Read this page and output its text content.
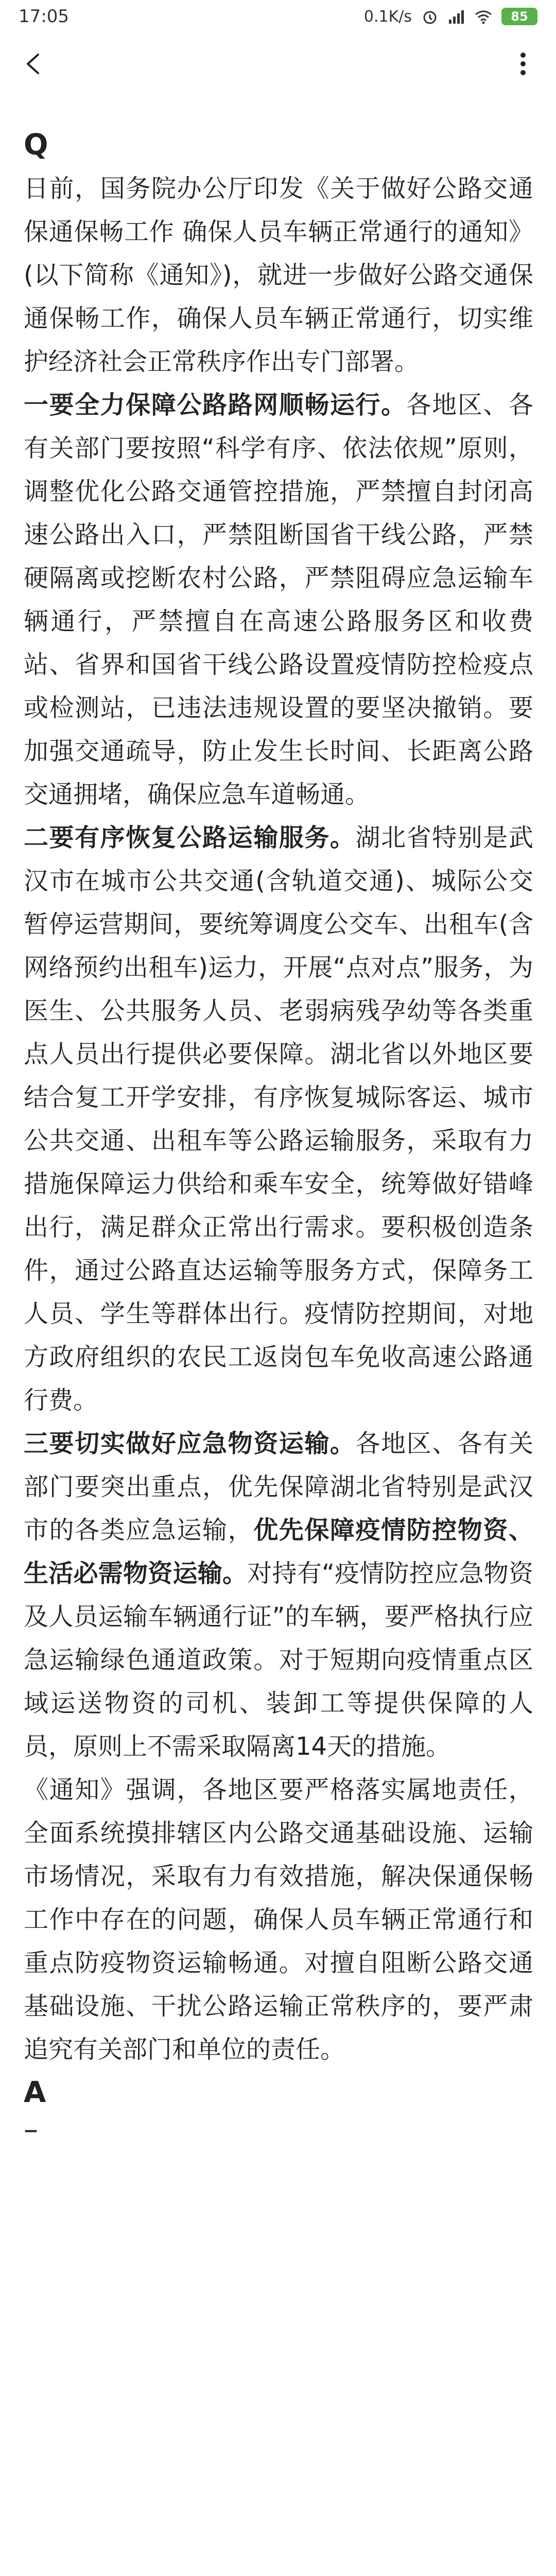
17:05	0.1K/s	85

Q

日前，国务院办公厅印发《关于做好公路交通保通保畅工作 确保人员车辆正常通行的通知》(以下简称《通知》)，就进一步做好公路交通保通保畅工作，确保人员车辆正常通行，切实维护经济社会正常秩序作出专门部署。

一要全力保障公路路网顺畅运行。各地区、各有关部门要按照“科学有序、依法依规”原则，调整优化公路交通管控措施，严禁擅自封闭高速公路出入口，严禁阻断国省干线公路，严禁硬隔离或挖断农村公路，严禁阻碍应急运输车辆通行，严禁擅自在高速公路服务区和收费站、省界和国省干线公路设置疫情防控检疫点或检测站，已违法违规设置的要坚决撤销。要加强交通疏导，防止发生长时间、长距离公路交通拥堵，确保应急车道畅通。

二要有序恢复公路运输服务。湖北省特别是武汉市在城市公共交通(含轨道交通)、城际公交暂停运营期间，要统筹调度公交车、出租车(含网络预约出租车)运力，开展“点对点”服务，为医生、公共服务人员、老弱病残孕幼等各类重点人员出行提供必要保障。湖北省以外地区要结合复工开学安排，有序恢复城际客运、城市公共交通、出租车等公路运输服务，采取有力措施保障运力供给和乘车安全，统筹做好错峰出行，满足群众正常出行需求。要积极创造条件，通过公路直达运输等服务方式，保障务工人员、学生等群体出行。疫情防控期间，对地方政府组织的农民工返岗包车免收高速公路通行费。

三要切实做好应急物资运输。各地区、各有关部门要突出重点，优先保障湖北省特别是武汉市的各类应急运输，优先保障疫情防控物资、生活必需物资运输。对持有“疫情防控应急物资及人员运输车辆通行证”的车辆，要严格执行应急运输绿色通道政策。对于短期向疫情重点区域运送物资的司机、装卸工等提供保障的人员，原则上不需采取隔离14天的措施。

《通知》强调，各地区要严格落实属地责任，全面系统摸排辖区内公路交通基础设施、运输市场情况，采取有力有效措施，解决保通保畅工作中存在的问题，确保人员车辆正常通行和重点防疫物资运输畅通。对擅自阻断公路交通基础设施、干扰公路运输正常秩序的，要严肃追究有关部门和单位的责任。

A

–
